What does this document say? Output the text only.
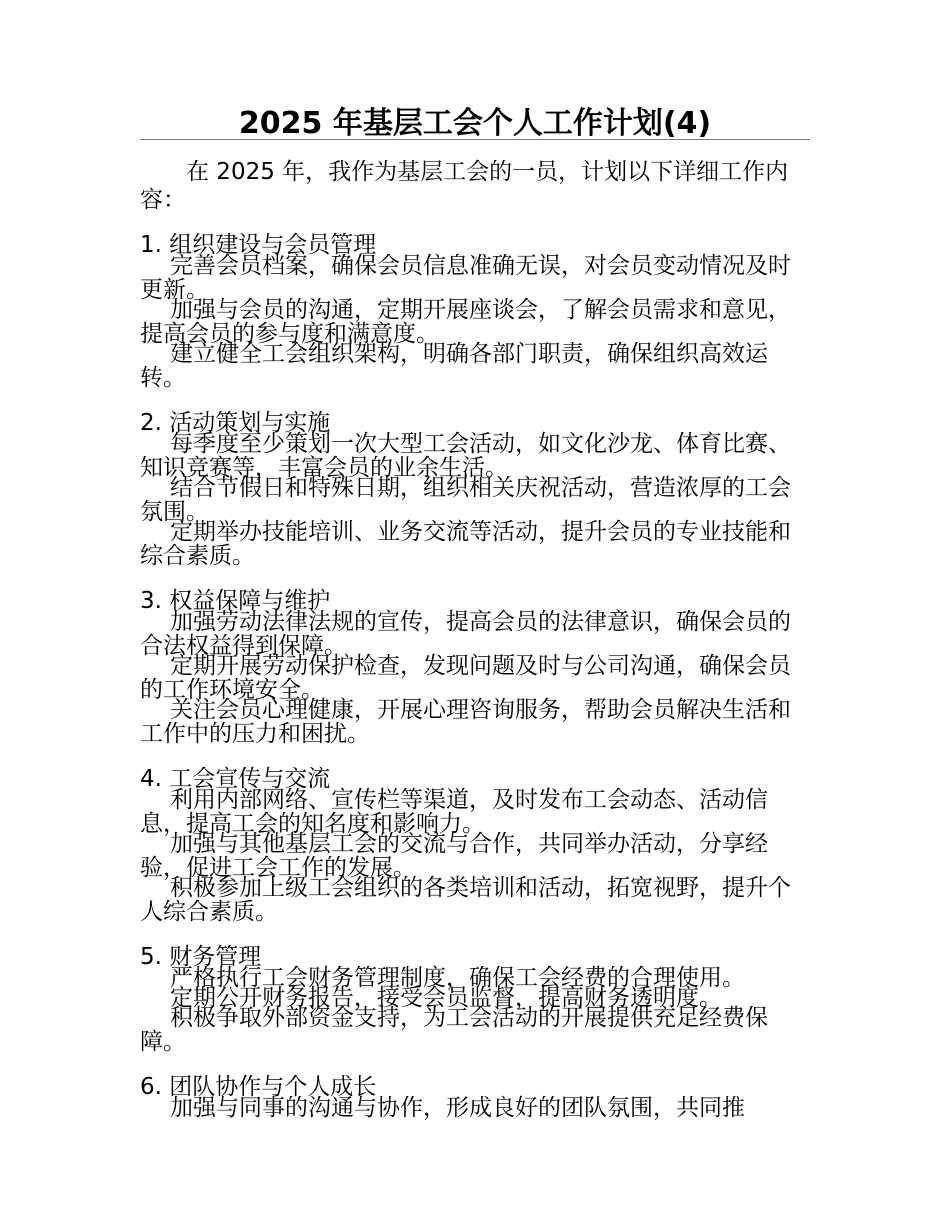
2025 年基层工会个人工作计划(4)

在 2025 年，我作为基层工会的一员，计划以下详细工作内容：

1. 组织建设与会员管理

完善会员档案，确保会员信息准确无误，对会员变动情况及时更新。

加强与会员的沟通，定期开展座谈会，了解会员需求和意见，提高会员的参与度和满意度。

建立健全工会组织架构，明确各部门职责，确保组织高效运转。

2. 活动策划与实施

每季度至少策划一次大型工会活动，如文化沙龙、体育比赛、知识竞赛等，丰富会员的业余生活。

结合节假日和特殊日期，组织相关庆祝活动，营造浓厚的工会氛围。

定期举办技能培训、业务交流等活动，提升会员的专业技能和综合素质。

3. 权益保障与维护

加强劳动法律法规的宣传，提高会员的法律意识，确保会员的合法权益得到保障。

定期开展劳动保护检查，发现问题及时与公司沟通，确保会员的工作环境安全。

关注会员心理健康，开展心理咨询服务，帮助会员解决生活和工作中的压力和困扰。

4. 工会宣传与交流

利用内部网络、宣传栏等渠道，及时发布工会动态、活动信息，提高工会的知名度和影响力。

加强与其他基层工会的交流与合作，共同举办活动，分享经验，促进工会工作的发展。

积极参加上级工会组织的各类培训和活动，拓宽视野，提升个人综合素质。

5. 财务管理

严格执行工会财务管理制度，确保工会经费的合理使用。

定期公开财务报告，接受会员监督，提高财务透明度。

积极争取外部资金支持，为工会活动的开展提供充足经费保障。

6. 团队协作与个人成长

加强与同事的沟通与协作，形成良好的团队氛围，共同推
